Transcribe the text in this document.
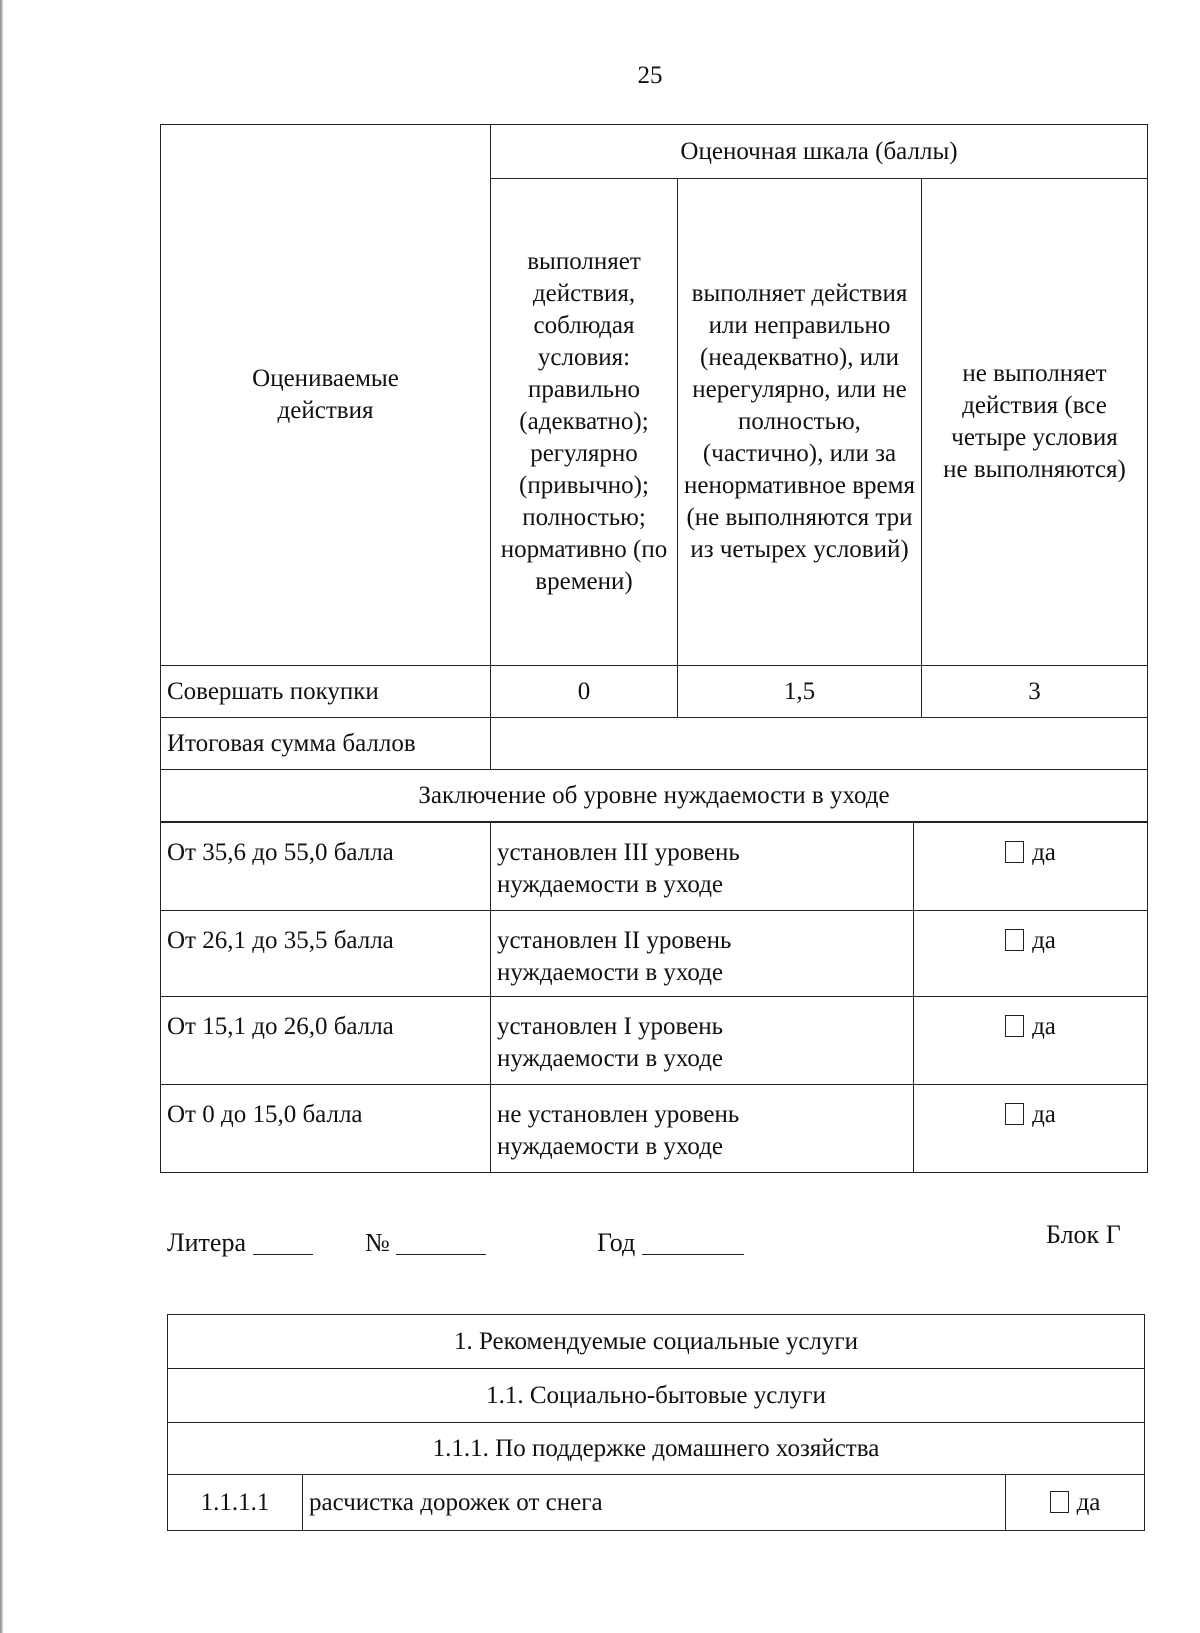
25
Оцениваемые действия	Оценочная шкала (баллы)		

	выполняет действия, соблюдая условия: правильно (адекватно); регулярно (привычно); полностью; нормативно (по времени)	выполняет действия или неправильно (неадекватно), или нерегулярно, или не полностью, (частично), или за ненормативное время (не выполняются три из четырех условий)	не выполняет действия (все четыре условия не выполняются)

Совершать покупки	0	1,5	3
Итоговая сумма баллов			
Заключение об уровне нуждаемости в уходе			
От 35,6 до 55,0 балла	установлен III уровень нуждаемости в уходе	да
От 26,1 до 35,5 балла	установлен II уровень нуждаемости в уходе	да
От 15,1 до 26,0 балла	установлен I уровень нуждаемости в уходе	да
От 0 до 15,0 балла	не установлен уровень нуждаемости в уходе	да
Литера	№	Год	Блок Г
1. Рекомендуемые социальные услуги
1.1. Социально-бытовые услуги
1.1.1. По поддержке домашнего хозяйства
1.1.1.1	расчистка дорожек от снега	да
